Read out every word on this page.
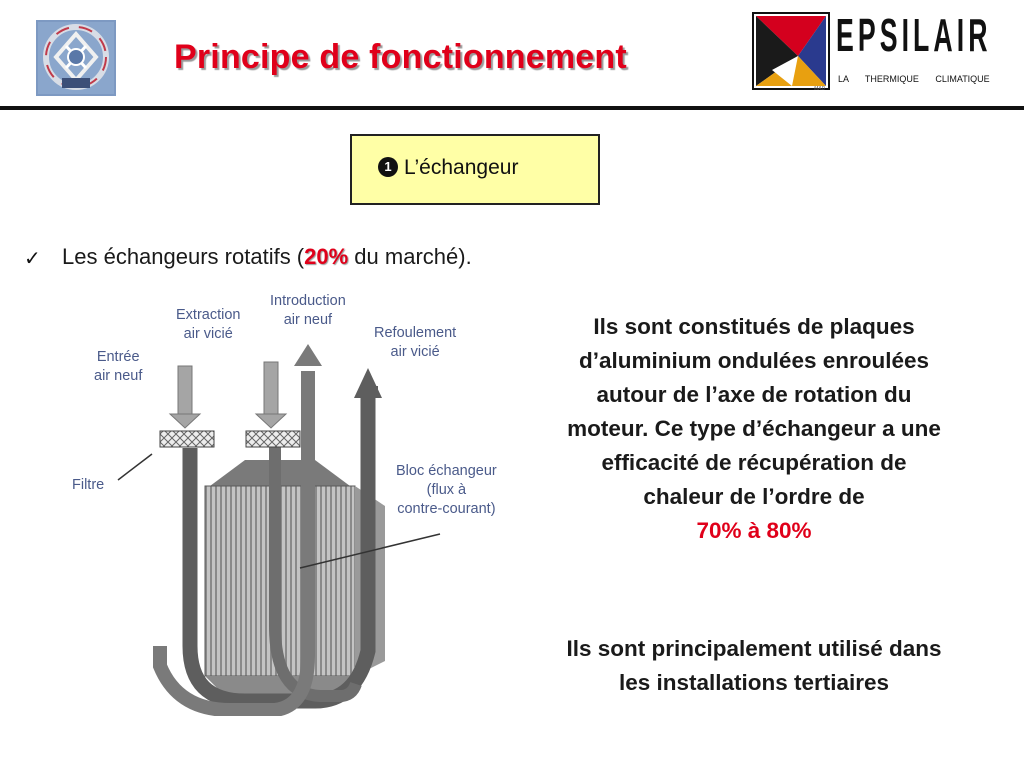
Principe de fonctionnement	EPSILAIR
LA THERMIQUE CLIMATIQUE
MAD
1 L’échangeur
✓ Les échangeurs rotatifs (20% du marché).
Extraction
air vicié
Introduction
air neuf
Refoulement
air vicié
Entrée
air neuf
Filtre
Bloc échangeur
(flux à
contre-courant)
Ils sont constitués de plaques d’aluminium ondulées enroulées autour de l’axe de rotation du moteur. Ce type d’échangeur a une efficacité de récupération de chaleur de l’ordre de
70% à 80%
Ils sont principalement utilisé dans les installations tertiaires
